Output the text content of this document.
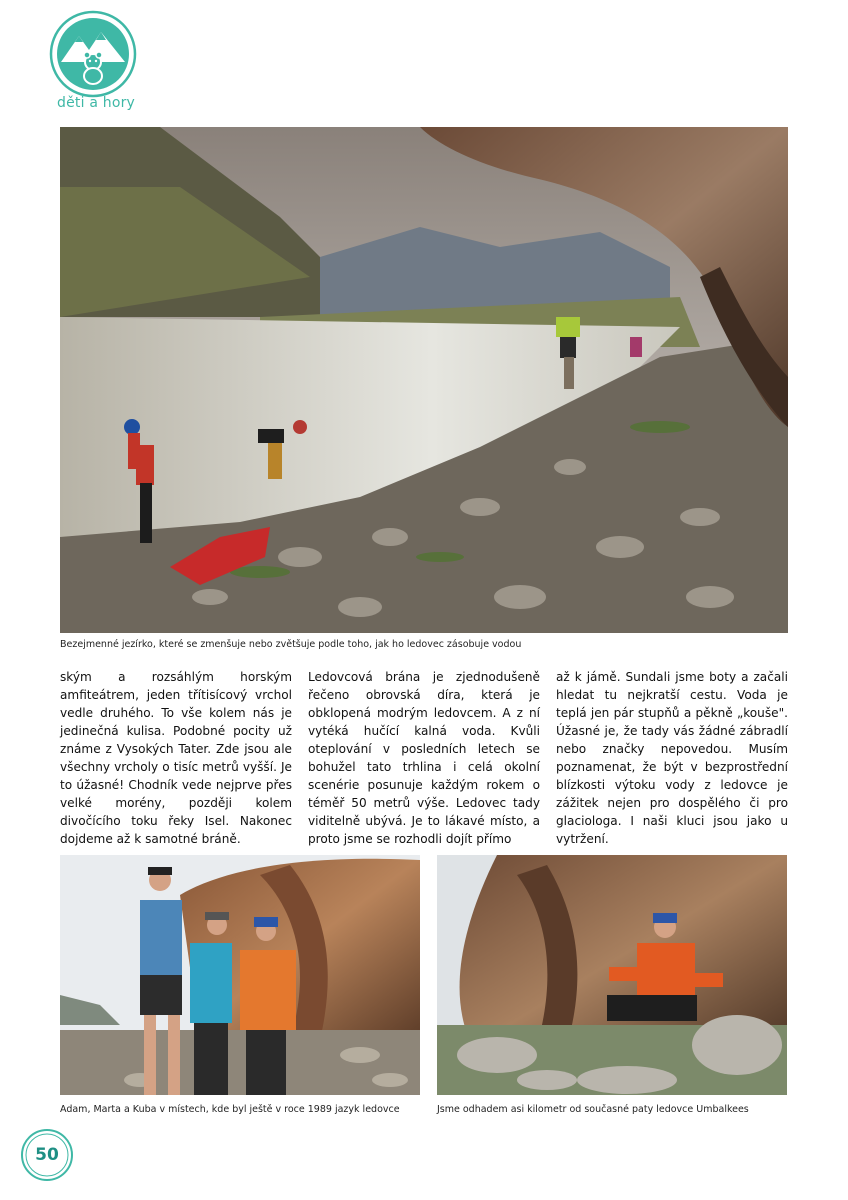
děti a hory
Bezejmenné jezírko, které se zmenšuje nebo zvětšuje podle toho, jak ho ledovec zásobuje vodou

ským a rozsáhlým horským amfiteátrem, jeden třítisícový vrchol vedle druhého. To vše kolem nás je jedinečná kulisa. Podobné pocity už známe z Vysokých Tater. Zde jsou ale všechny vrcholy o tisíc metrů vyšší. Je to úžasné! Chodník vede nejprve přes velké morény, později kolem divočícího toku řeky Isel. Nakonec dojdeme až k samotné bráně.

Ledovcová brána je zjednodušeně řečeno obrovská díra, která je obklopená modrým ledovcem. A z ní vytéká hučící kalná voda. Kvůli oteplování v posledních letech se bohužel tato trhlina i celá okolní scenérie posunuje každým rokem o téměř 50 metrů výše. Ledovec tady viditelně ubývá. Je to lákavé místo, a proto jsme se rozhodli dojít přímo

až k jámě. Sundali jsme boty a začali hledat tu nejkratší cestu. Voda je teplá jen pár stupňů a pěkně „kouše". Úžasné je, že tady vás žádné zábradlí nebo značky nepovedou. Musím poznamenat, že být v bezprostřední blízkosti výtoku vody z ledovce je zážitek nejen pro dospělého či pro glaciologa. I naši kluci jsou jako u vytržení.

Adam, Marta a Kuba v místech, kde byl ještě v roce 1989 jazyk ledovce	Jsme odhadem asi kilometr od současné paty ledovce Umbalkees
50
